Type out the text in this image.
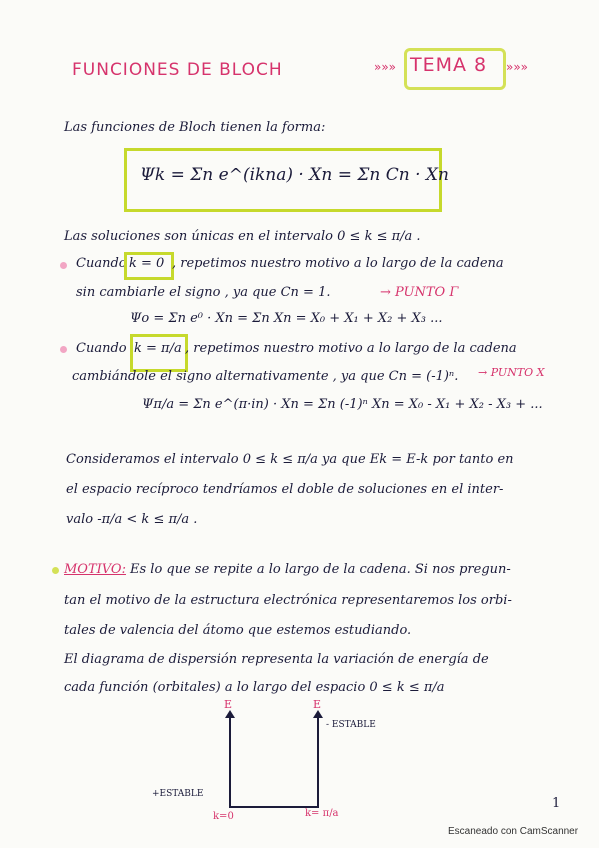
FUNCIONES DE BLOCH	»»» TEMA 8 »»»
Las funciones de Bloch tienen la forma:
Ψk = Σn e^(ikna) · Xn = Σn Cn · Xn
Las soluciones son únicas en el intervalo 0 ≤ k ≤ π/a .
Cuando k = 0 , repetimos nuestro motivo a lo largo de la cadena
sin cambiarle el signo , ya que Cn = 1.	→ PUNTO Γ
Ψo = Σn e⁰ · Xn = Σn Xn = X₀ + X₁ + X₂ + X₃ ...
Cuando k = π/a , repetimos nuestro motivo a lo largo de la cadena
cambiándole el signo alternativamente , ya que Cn = (-1)ⁿ. → PUNTO X
Ψπ/a = Σn e^(π·in) · Xn = Σn (-1)ⁿ Xn = X₀ - X₁ + X₂ - X₃ + ...
Consideramos el intervalo 0 ≤ k ≤ π/a ya que Ek = E-k por tanto en
el espacio recíproco tendríamos el doble de soluciones en el inter-
valo -π/a < k ≤ π/a .
MOTIVO: Es lo que se repite a lo largo de la cadena. Si nos pregun-
tan el motivo de la estructura electrónica representaremos los orbi-
tales de valencia del átomo que estemos estudiando.
El diagrama de dispersión representa la variación de energía de
cada función (orbitales) a lo largo del espacio 0 ≤ k ≤ π/a
E	E
- ESTABLE
+ESTABLE
k=0	k= π/a
1
Escaneado con CamScanner
